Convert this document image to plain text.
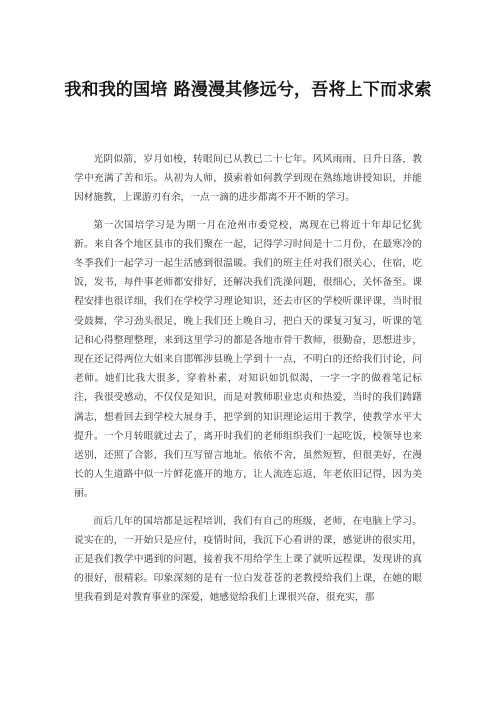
我和我的国培 路漫漫其修远兮，吾将上下而求索

光阴似箭，岁月如梭，转眼间已从教已二十七年。风风雨雨、日升日落，教学中充满了苦和乐。从初为人师，摸索着如何教学到现在熟练地讲授知识，并能因材施教，上课游刃有余，一点一滴的进步都离不开不断的学习。

第一次国培学习是为期一月在沧州市委党校，离现在已将近十年却记忆犹新。来自各个地区县市的我们聚在一起，记得学习时间是十二月份，在最寒冷的冬季我们一起学习一起生活感到很温暖。我们的班主任对我们很关心，住宿，吃饭，发书，每件事老师都安排好，还解决我们洗澡问题，很细心，关怀备至。课程安排也很详细，我们在学校学习理论知识，还去市区的学校听课评课，当时很受鼓舞，学习劲头很足，晚上我们还上晚自习，把白天的课复习复习，听课的笔记和心得整理整理，来到这里学习的都是各地市骨干教师，很勤奋，思想进步，现在还记得两位大姐来自邯郸涉县晚上学到十一点，不明白的还给我们讨论，问老师。她们比我大很多，穿着朴素，对知识如饥似渴，一字一字的做着笔记标注，我很受感动，不仅仅是知识，而是对教师职业忠贞和热爱，当时的我们踌躇满志，想着回去到学校大展身手，把学到的知识理论运用于教学，使教学水平大提升。一个月转眼就过去了，离开时我们的老师组织我们一起吃饭，校领导也来送别，还照了合影，我们互写留言地址。依依不舍，虽然短暂，但很美好，在漫长的人生道路中似一片鲜花盛开的地方，让人流连忘返，年老依旧记得，因为美丽。

而后几年的国培都是远程培训，我们有自己的班级，老师，在电脑上学习。说实在的，一开始只是应付，疫情时间，我沉下心看讲的课，感觉讲的很实用，正是我们教学中遇到的问题，接着我不用给学生上课了就听远程课，发现讲的真的很好，很精彩。印象深刻的是有一位白发苍苍的老教授给我们上课，在她的眼里我看到是对教育事业的深爱，她感觉给我们上课很兴奋，很充实，那
